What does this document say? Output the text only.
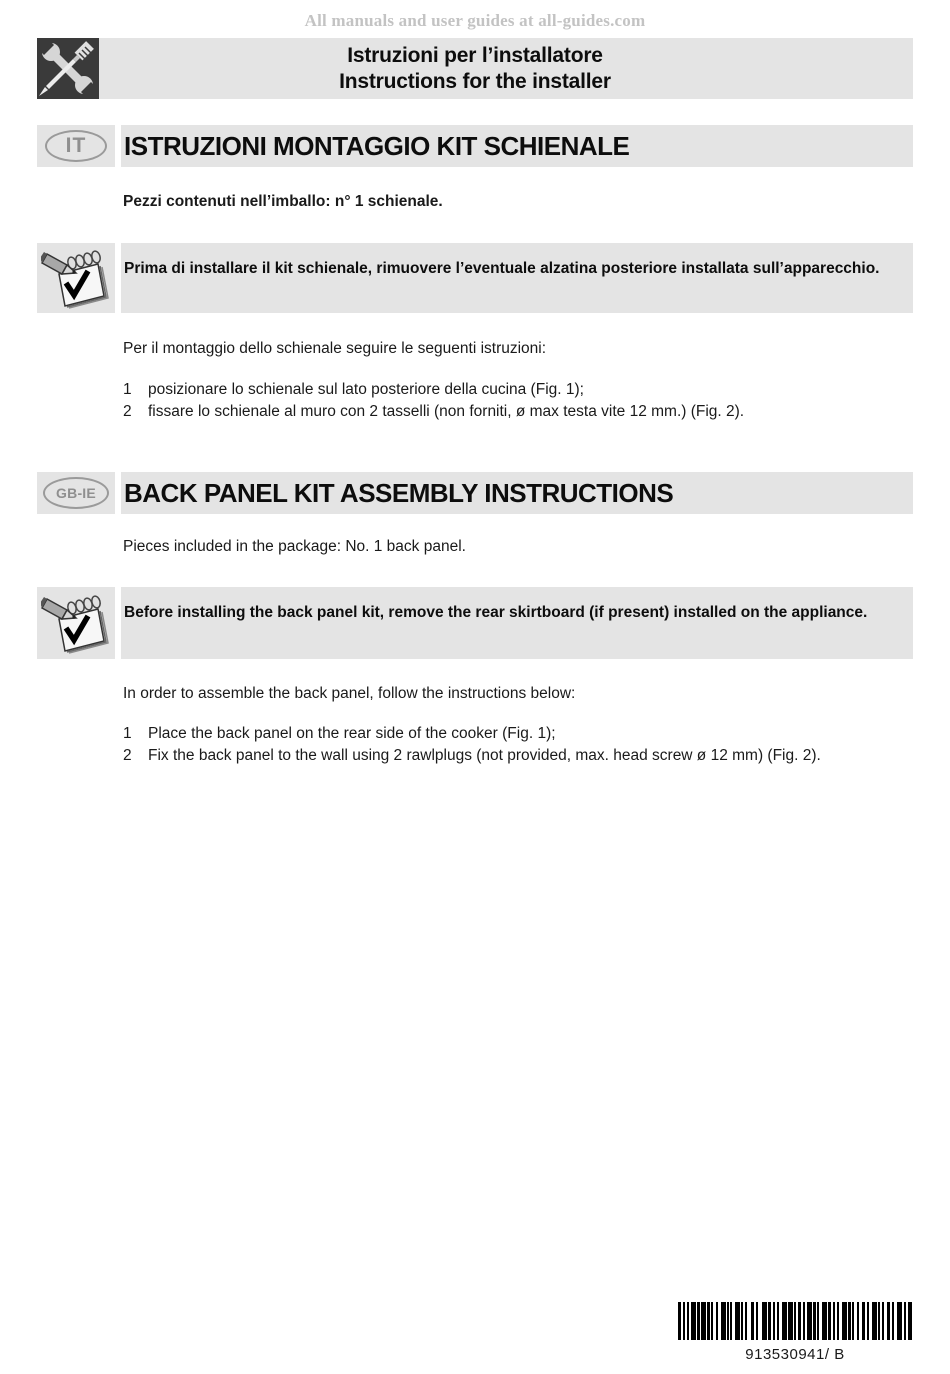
All manuals and user guides at all-guides.com
Istruzioni per l’installatore
Instructions for the installer
IT	ISTRUZIONI MONTAGGIO KIT SCHIENALE
Pezzi contenuti nell’imballo: n° 1 schienale.
Prima di installare il kit schienale, rimuovere l’eventuale alzatina posteriore installata sull’apparecchio.
Per il montaggio dello schienale seguire le seguenti istruzioni:
1	posizionare lo schienale sul lato posteriore della cucina (Fig. 1);
2	fissare lo schienale al muro con 2 tasselli (non forniti, ø max testa vite 12 mm.) (Fig. 2).
GB-IE	BACK PANEL KIT ASSEMBLY INSTRUCTIONS
Pieces included in the package: No. 1 back panel.
Before installing the back panel kit, remove the rear skirtboard (if present) installed on the appliance.
In order to assemble the back panel, follow the instructions below:
1	Place the back panel on the rear side of the cooker (Fig. 1);
2	Fix the back panel to the wall using 2 rawlplugs (not provided, max. head screw ø 12 mm) (Fig. 2).
913530941/ B
